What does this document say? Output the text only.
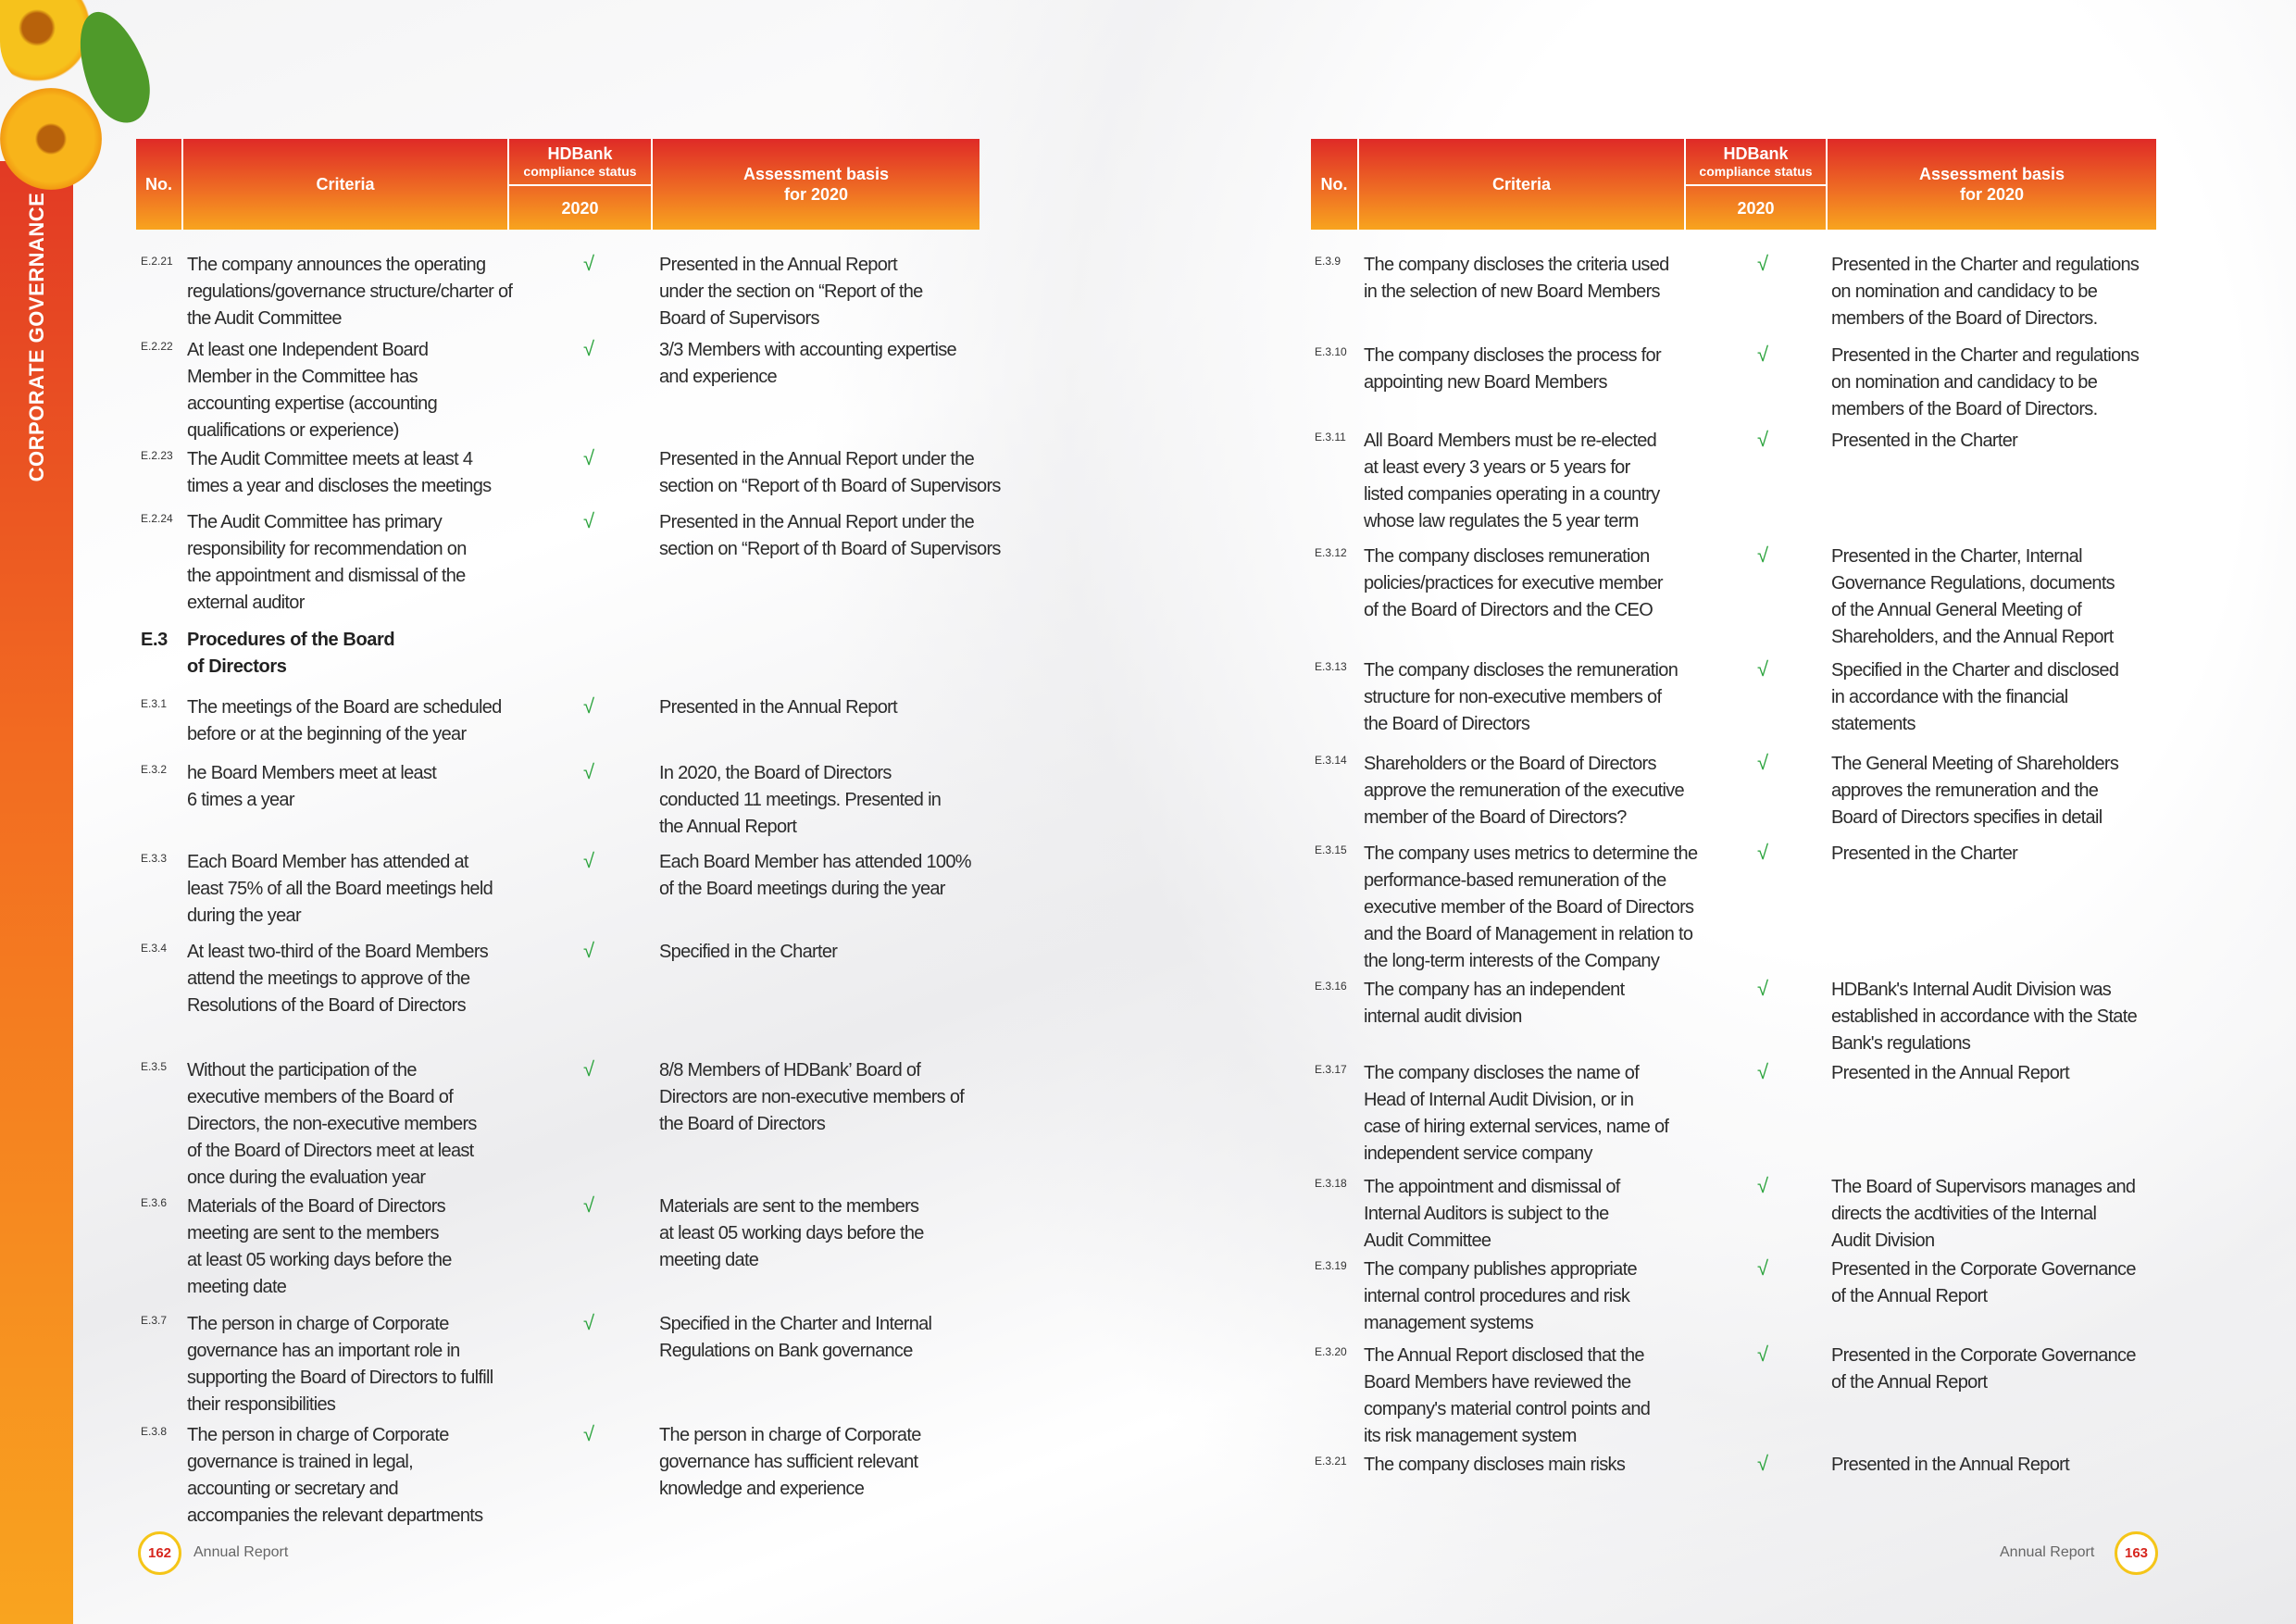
CORPORATE GOVERNANCE
No.	Criteria
HDBank
compliance status
2020
Assessment basis
for 2020
No.	Criteria
HDBank
compliance status
2020
Assessment basis
for 2020
E.2.21 The company announces the operating
regulations/governance structure/charter of
the Audit Committee
√	Presented in the Annual Report
under the section on “Report of the
Board of Supervisors
E.2.22 At least one Independent Board
Member in the Committee has
accounting expertise (accounting
qualifications or experience)
√	3/3 Members with accounting expertise
and experience
E.2.23 The Audit Committee meets at least 4
times a year and discloses the meetings
√	Presented in the Annual Report under the
section on “Report of th Board of Supervisors
E.2.24 The Audit Committee has primary
responsibility for recommendation on
the appointment and dismissal of the
external auditor
√	Presented in the Annual Report under the
section on “Report of th Board of Supervisors
E.3 Procedures of the Board
of Directors
E.3.1 The meetings of the Board are scheduled
before or at the beginning of the year
√	Presented in the Annual Report
E.3.2 he Board Members meet at least
6 times a year
√	In 2020, the Board of Directors
conducted 11 meetings. Presented in
the Annual Report
E.3.3 Each Board Member has attended at
least 75% of all the Board meetings held
during the year
√	Each Board Member has attended 100%
of the Board meetings during the year
E.3.4 At least two-third of the Board Members
attend the meetings to approve of the
Resolutions of the Board of Directors
√	Specified in the Charter
E.3.5 Without the participation of the
executive members of the Board of
Directors, the non-executive members
of the Board of Directors meet at least
once during the evaluation year
√	8/8 Members of HDBank’ Board of
Directors are non-executive members of
the Board of Directors
E.3.6 Materials of the Board of Directors
meeting are sent to the members
at least 05 working days before the
meeting date
√	Materials are sent to the members
at least 05 working days before the
meeting date
E.3.7 The person in charge of Corporate
governance has an important role in
supporting the Board of Directors to fulfill
their responsibilities
√	Specified in the Charter and Internal
Regulations on Bank governance
E.3.8 The person in charge of Corporate
governance is trained in legal,
accounting or secretary and
accompanies the relevant departments
√	The person in charge of Corporate
governance has sufficient relevant
knowledge and experience
E.3.9 The company discloses the criteria used
in the selection of new Board Members
√	Presented in the Charter and regulations
on nomination and candidacy to be
members of the Board of Directors.
E.3.10 The company discloses the process for
appointing new Board Members
√	Presented in the Charter and regulations
on nomination and candidacy to be
members of the Board of Directors.
E.3.11 All Board Members must be re-elected
at least every 3 years or 5 years for
listed companies operating in a country
whose law regulates the 5 year term
√	Presented in the Charter
E.3.12 The company discloses remuneration
policies/practices for executive member
of the Board of Directors and the CEO
√	Presented in the Charter, Internal
Governance Regulations, documents
of the Annual General Meeting of
Shareholders, and the Annual Report
E.3.13 The company discloses the remuneration
structure for non-executive members of
the Board of Directors
√	Specified in the Charter and disclosed
in accordance with the financial
statements
E.3.14 Shareholders or the Board of Directors
approve the remuneration of the executive
member of the Board of Directors?
√	The General Meeting of Shareholders
approves the remuneration and the
Board of Directors specifies in detail
E.3.15 The company uses metrics to determine the
performance-based remuneration of the
executive member of the Board of Directors
and the Board of Management in relation to
the long-term interests of the Company
√	Presented in the Charter
E.3.16 The company has an independent
internal audit division
√	HDBank's Internal Audit Division was
established in accordance with the State
Bank's regulations
E.3.17 The company discloses the name of
Head of Internal Audit Division, or in
case of hiring external services, name of
independent service company
√	Presented in the Annual Report
E.3.18 The appointment and dismissal of
Internal Auditors is subject to the
Audit Committee
√	The Board of Supervisors manages and
directs the acdtivities of the Internal
Audit Division
E.3.19 The company publishes appropriate
internal control procedures and risk
management systems
√	Presented in the Corporate Governance
of the Annual Report
E.3.20 The Annual Report disclosed that the
Board Members have reviewed the
company's material control points and
its risk management system
√	Presented in the Corporate Governance
of the Annual Report
E.3.21 The company discloses main risks	√	Presented in the Annual Report
162	Annual Report	Annual Report	163
